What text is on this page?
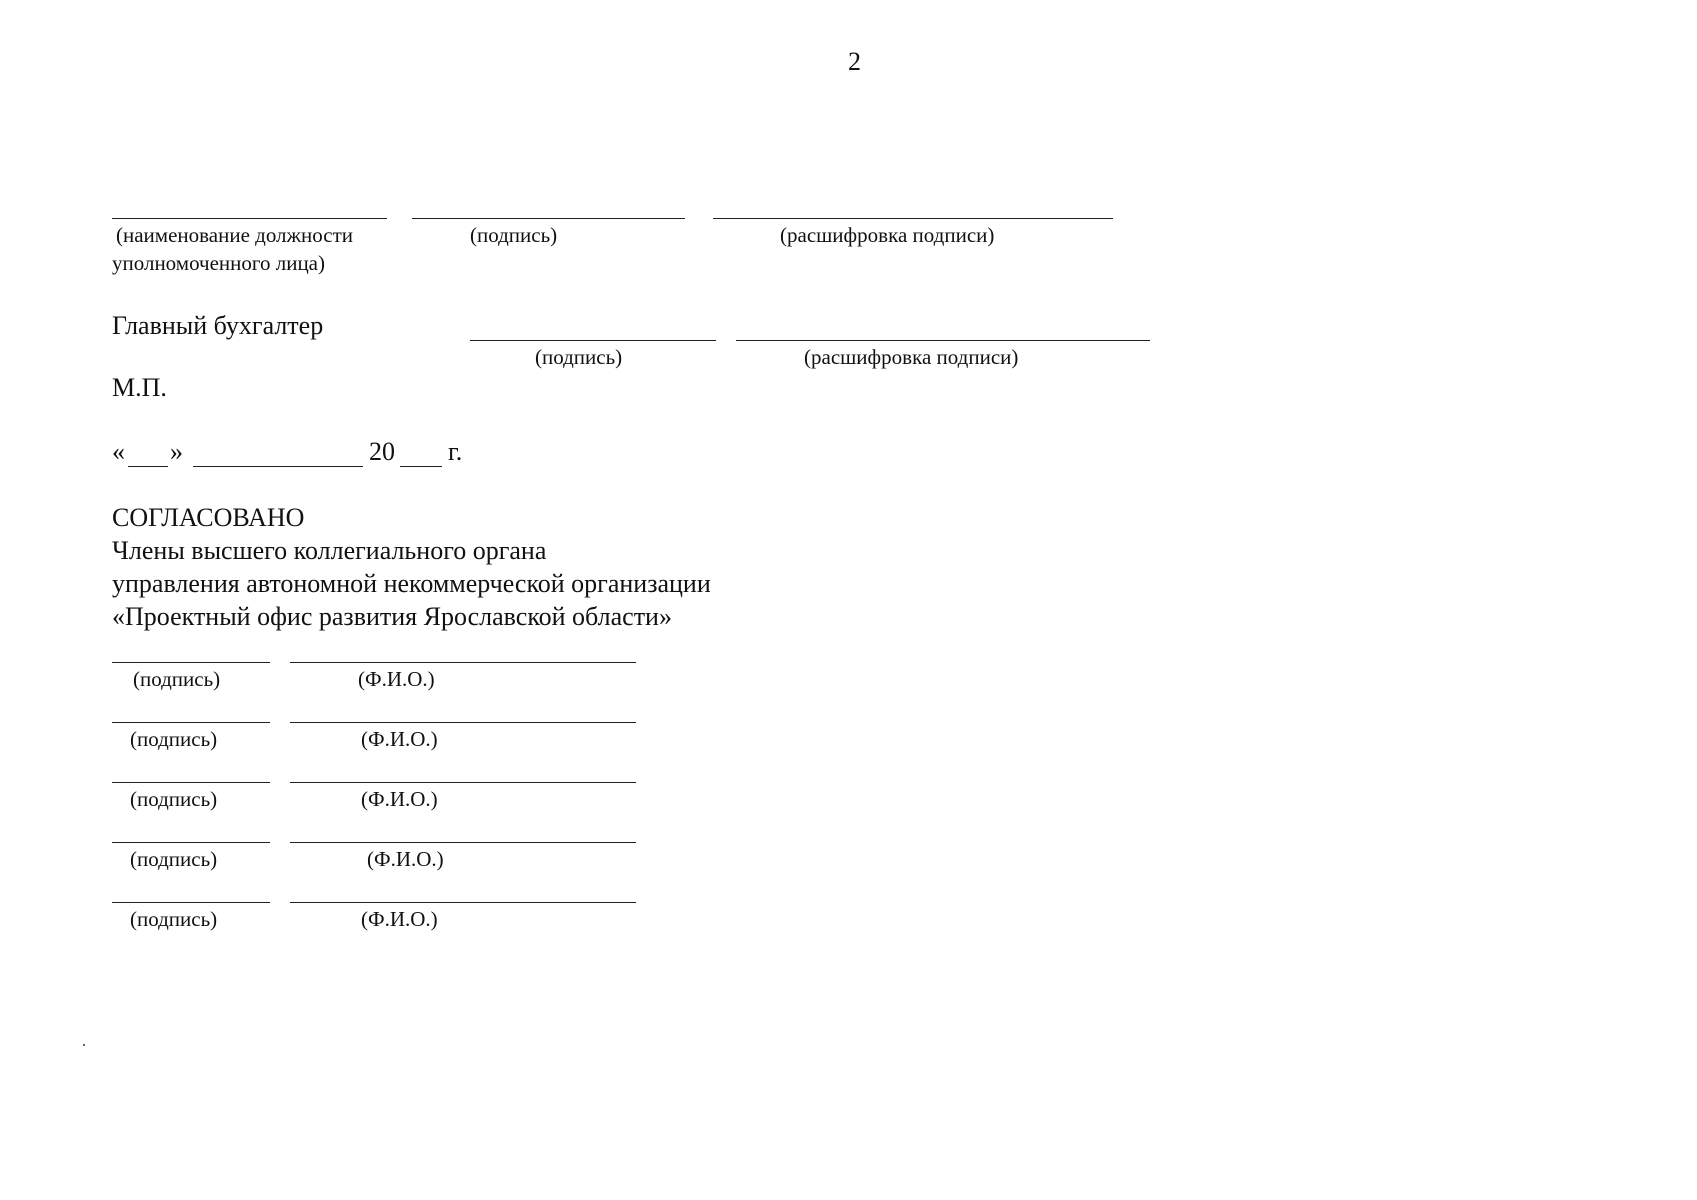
2
(наименование должности
уполномоченного лица)
(подпись)	(расшифровка подписи)
Главный бухгалтер
(подпись)	(расшифровка подписи)
М.П.
« »	20 г.
СОГЛАСОВАНО
Члены высшего коллегиального органа
управления автономной некоммерческой организации
«Проектный офис развития Ярославской области»
(подпись)	(Ф.И.О.)
(подпись)	(Ф.И.О.)
(подпись)	(Ф.И.О.)
(подпись)	(Ф.И.О.)
(подпись)	(Ф.И.О.)
